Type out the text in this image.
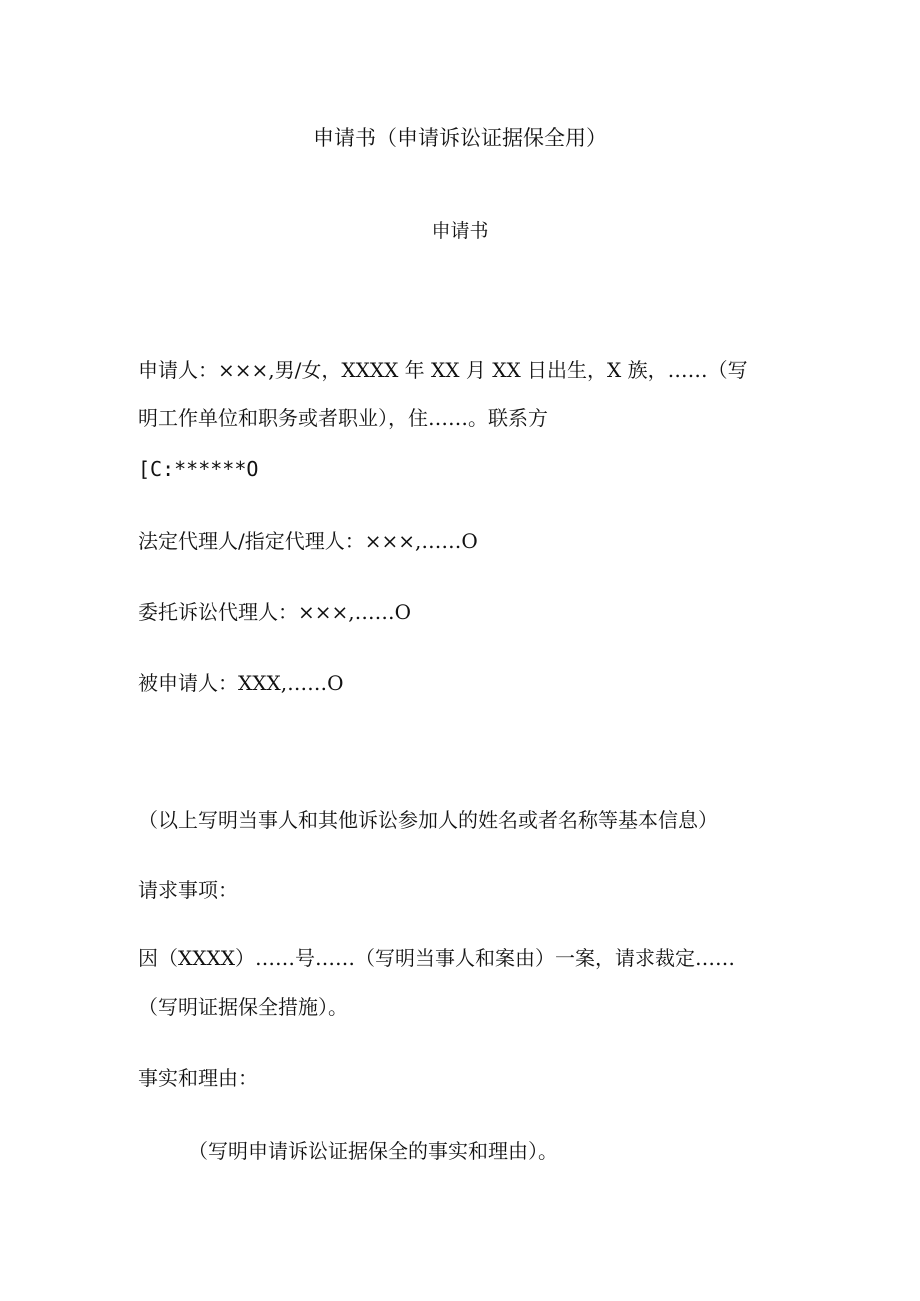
申请书（申请诉讼证据保全用）
申请书
申请人：×××,男/女，XXXX 年 XX 月 XX 日出生，X 族，……（写
明工作单位和职务或者职业），住……。联系方
[C:******O
法定代理人/指定代理人：×××,……O
委托诉讼代理人：×××,……O
被申请人：XXX,……O
（以上写明当事人和其他诉讼参加人的姓名或者名称等基本信息）
请求事项：
因（XXXX）……号……（写明当事人和案由）一案，请求裁定……
（写明证据保全措施）。
事实和理由：
（写明申请诉讼证据保全的事实和理由）。
